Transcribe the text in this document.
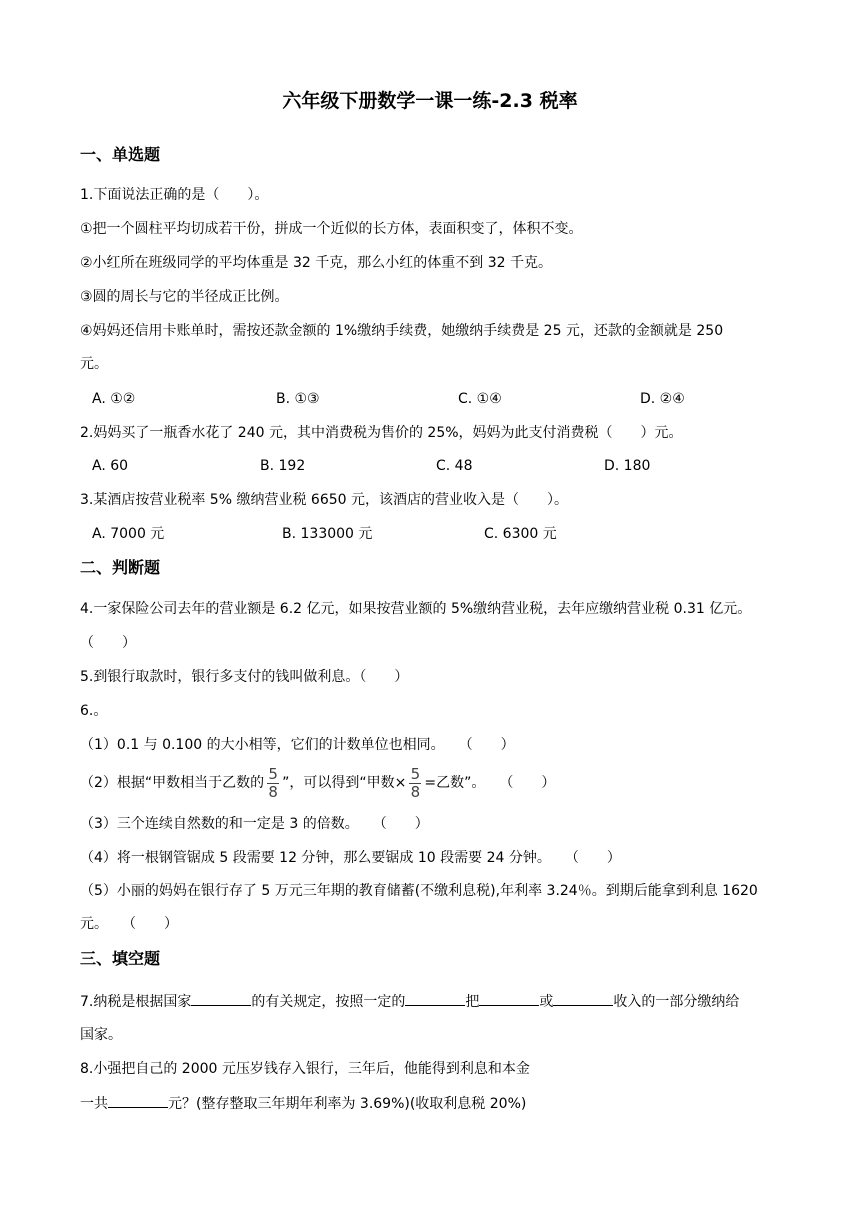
六年级下册数学一课一练-2.3 税率
一、单选题
1.下面说法正确的是（　　）。
①把一个圆柱平均切成若干份，拼成一个近似的长方体，表面积变了，体积不变。
②小红所在班级同学的平均体重是 32 千克，那么小红的体重不到 32 千克。
③圆的周长与它的半径成正比例。
④妈妈还信用卡账单时，需按还款金额的 1%缴纳手续费，她缴纳手续费是 25 元，还款的金额就是 250
元。
A. ①②	B. ①③	C. ①④	D. ②④
2.妈妈买了一瓶香水花了 240 元，其中消费税为售价的 25%，妈妈为此支付消费税（　　）元。
A. 60	B. 192	C. 48	D. 180
3.某酒店按营业税率 5% 缴纳营业税 6650 元，该酒店的营业收入是（　　）。
A. 7000 元	B. 133000 元	C. 6300 元
二、判断题
4.一家保险公司去年的营业额是 6.2 亿元，如果按营业额的 5%缴纳营业税，去年应缴纳营业税 0.31 亿元。
（　　）
5.到银行取款时，银行多支付的钱叫做利息。（　　）
6.。
（1）0.1 与 0.100 的大小相等，它们的计数单位也相同。　　（　　）
（2）根据“甲数相当于乙数的 $\frac{5}{8}$ ”，可以得到“甲数× $\frac{5}{8}$ =乙数”。　　（　　）
（3）三个连续自然数的和一定是 3 的倍数。　　（　　）
（4）将一根钢管锯成 5 段需要 12 分钟，那么要锯成 10 段需要 24 分钟。　　（　　）
（5）小丽的妈妈在银行存了 5 万元三年期的教育储蓄(不缴利息税),年利率 3.24％。到期后能拿到利息 1620
元。　　（　　）
三、填空题
7.纳税是根据国家	的有关规定，按照一定的	把	或	收入的一部分缴纳给
国家。
8.小强把自己的 2000 元压岁钱存入银行，三年后，他能得到利息和本金
一共	元？(整存整取三年期年利率为 3.69%)(收取利息税 20%)
